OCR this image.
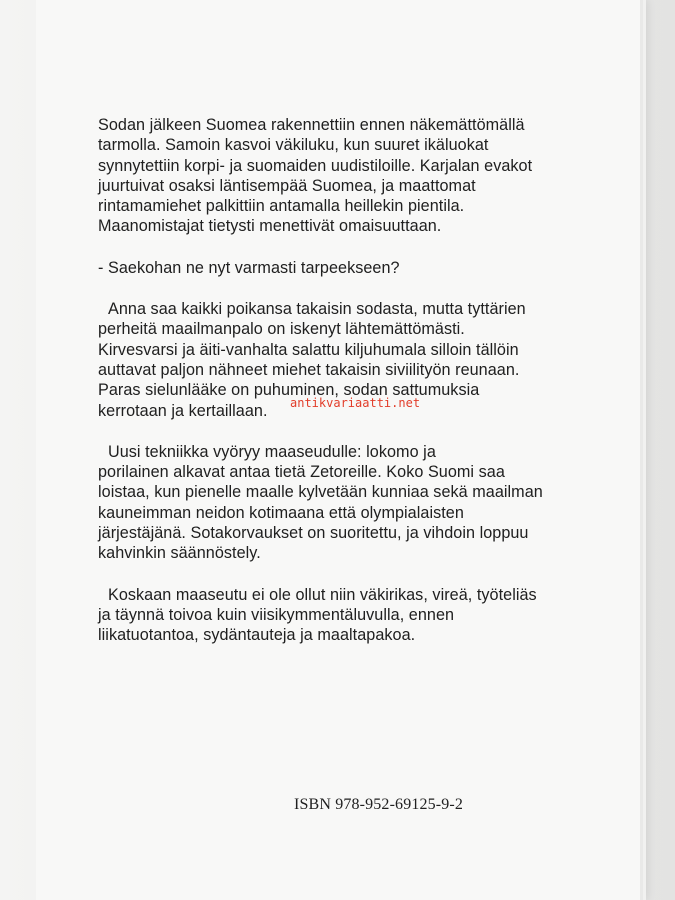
Sodan jälkeen Suomea rakennettiin ennen näkemättömällä
tarmolla. Samoin kasvoi väkiluku, kun suuret ikäluokat
synnytettiin korpi- ja suomaiden uudistiloille. Karjalan evakot
juurtuivat osaksi läntisempää Suomea, ja maattomat
rintamamiehet palkittiin antamalla heillekin pientila.
Maanomistajat tietysti menettivät omaisuuttaan.

- Saekohan ne nyt varmasti tarpeekseen?

Anna saa kaikki poikansa takaisin sodasta, mutta tyttärien
perheitä maailmanpalo on iskenyt lähtemättömästi.
Kirvesvarsi ja äiti-vanhalta salattu kiljuhumala silloin tällöin
auttavat paljon nähneet miehet takaisin siviilityön reunaan.
Paras sielunlääke on puhuminen, sodan sattumuksia
kerrotaan ja kertaillaan.

Uusi tekniikka vyöryy maaseudulle: lokomo ja
porilainen alkavat antaa tietä Zetoreille. Koko Suomi saa
loistaa, kun pienelle maalle kylvetään kunniaa sekä maailman
kauneimman neidon kotimaana että olympialaisten
järjestäjänä. Sotakorvaukset on suoritettu, ja vihdoin loppuu
kahvinkin säännöstely.

Koskaan maaseutu ei ole ollut niin väkirikas, vireä, työteliäs
ja täynnä toivoa kuin viisikymmentäluvulla, ennen
liikatuotantoa, sydäntauteja ja maaltapakoa.

antikvariaatti.net
ISBN 978-952-69125-9-2
